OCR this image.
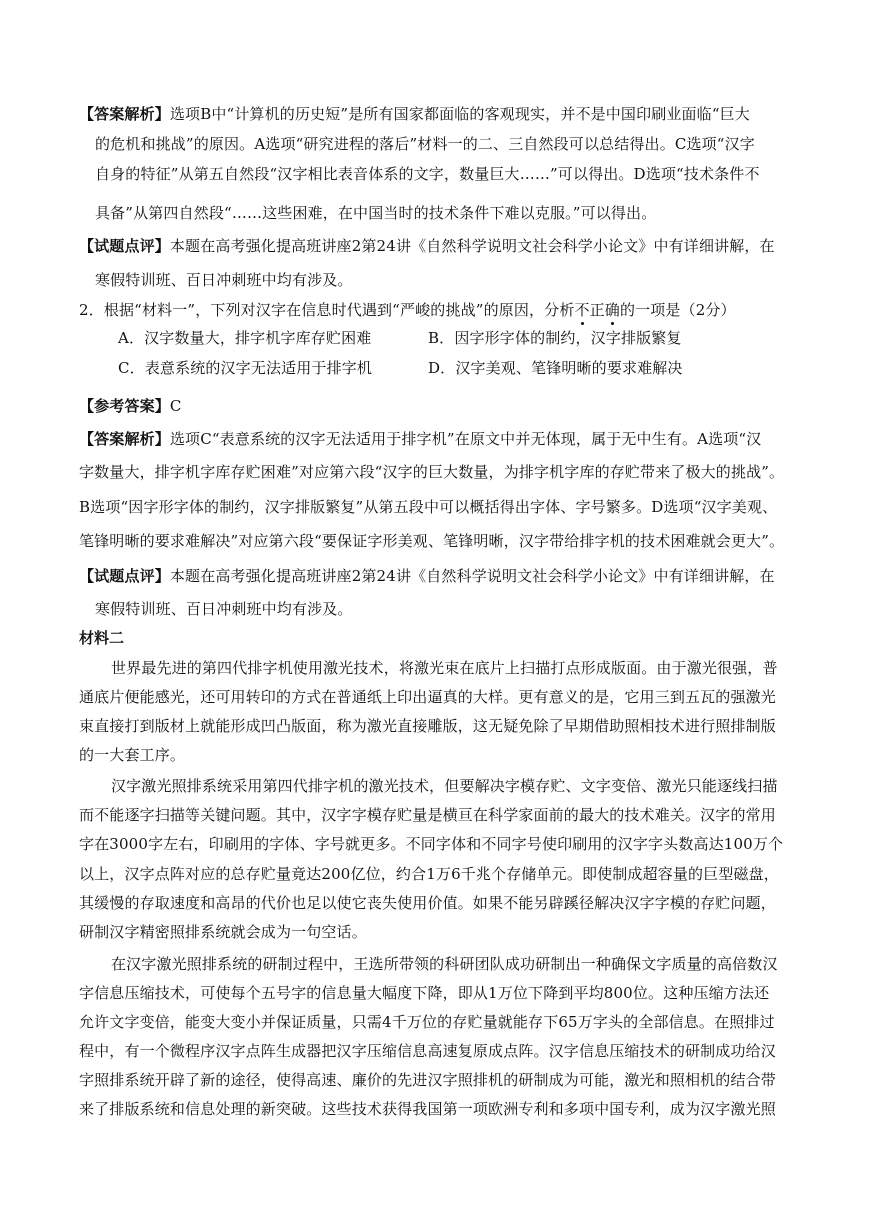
【答案解析】选项B中“计算机的历史短”是所有国家都面临的客观现实，并不是中国印刷业面临“巨大
的危机和挑战”的原因。A选项“研究进程的落后”材料一的二、三自然段可以总结得出。C选项“汉字
自身的特征”从第五自然段“汉字相比表音体系的文字，数量巨大……”可以得出。D选项“技术条件不
具备”从第四自然段“……这些困难，在中国当时的技术条件下难以克服。”可以得出。
【试题点评】本题在高考强化提高班讲座2第24讲《自然科学说明文社会科学小论文》中有详细讲解，在
寒假特训班、百日冲刺班中均有涉及。
2．根据“材料一”，下列对汉字在信息时代遇到“严峻的挑战”的原因，分析不正确的一项是（2分）
A．汉字数量大，排字机字库存贮困难	B．因字形字体的制约，汉字排版繁复
C．表意系统的汉字无法适用于排字机	D．汉字美观、笔锋明晰的要求难解决
【参考答案】C
【答案解析】选项C“表意系统的汉字无法适用于排字机”在原文中并无体现，属于无中生有。A选项“汉
字数量大，排字机字库存贮困难”对应第六段“汉字的巨大数量，为排字机字库的存贮带来了极大的挑战”。
B选项“因字形字体的制约，汉字排版繁复”从第五段中可以概括得出字体、字号繁多。D选项“汉字美观、
笔锋明晰的要求难解决”对应第六段“要保证字形美观、笔锋明晰，汉字带给排字机的技术困难就会更大”。
【试题点评】本题在高考强化提高班讲座2第24讲《自然科学说明文社会科学小论文》中有详细讲解，在
寒假特训班、百日冲刺班中均有涉及。
材料二
世界最先进的第四代排字机使用激光技术，将激光束在底片上扫描打点形成版面。由于激光很强，普
通底片便能感光，还可用转印的方式在普通纸上印出逼真的大样。更有意义的是，它用三到五瓦的强激光
束直接打到版材上就能形成凹凸版面，称为激光直接雕版，这无疑免除了早期借助照相技术进行照排制版
的一大套工序。
汉字激光照排系统采用第四代排字机的激光技术，但要解决字模存贮、文字变倍、激光只能逐线扫描
而不能逐字扫描等关键问题。其中，汉字字模存贮量是横亘在科学家面前的最大的技术难关。汉字的常用
字在3000字左右，印刷用的字体、字号就更多。不同字体和不同字号使印刷用的汉字字头数高达100万个
以上，汉字点阵对应的总存贮量竟达200亿位，约合1万6千兆个存储单元。即使制成超容量的巨型磁盘，
其缓慢的存取速度和高昂的代价也足以使它丧失使用价值。如果不能另辟蹊径解决汉字字模的存贮问题，
研制汉字精密照排系统就会成为一句空话。
在汉字激光照排系统的研制过程中，王选所带领的科研团队成功研制出一种确保文字质量的高倍数汉
字信息压缩技术，可使每个五号字的信息量大幅度下降，即从1万位下降到平均800位。这种压缩方法还
允许文字变倍，能变大变小并保证质量，只需4千万位的存贮量就能存下65万字头的全部信息。在照排过
程中，有一个微程序汉字点阵生成器把汉字压缩信息高速复原成点阵。汉字信息压缩技术的研制成功给汉
字照排系统开辟了新的途径，使得高速、廉价的先进汉字照排机的研制成为可能，激光和照相机的结合带
来了排版系统和信息处理的新突破。这些技术获得我国第一项欧洲专利和多项中国专利，成为汉字激光照
